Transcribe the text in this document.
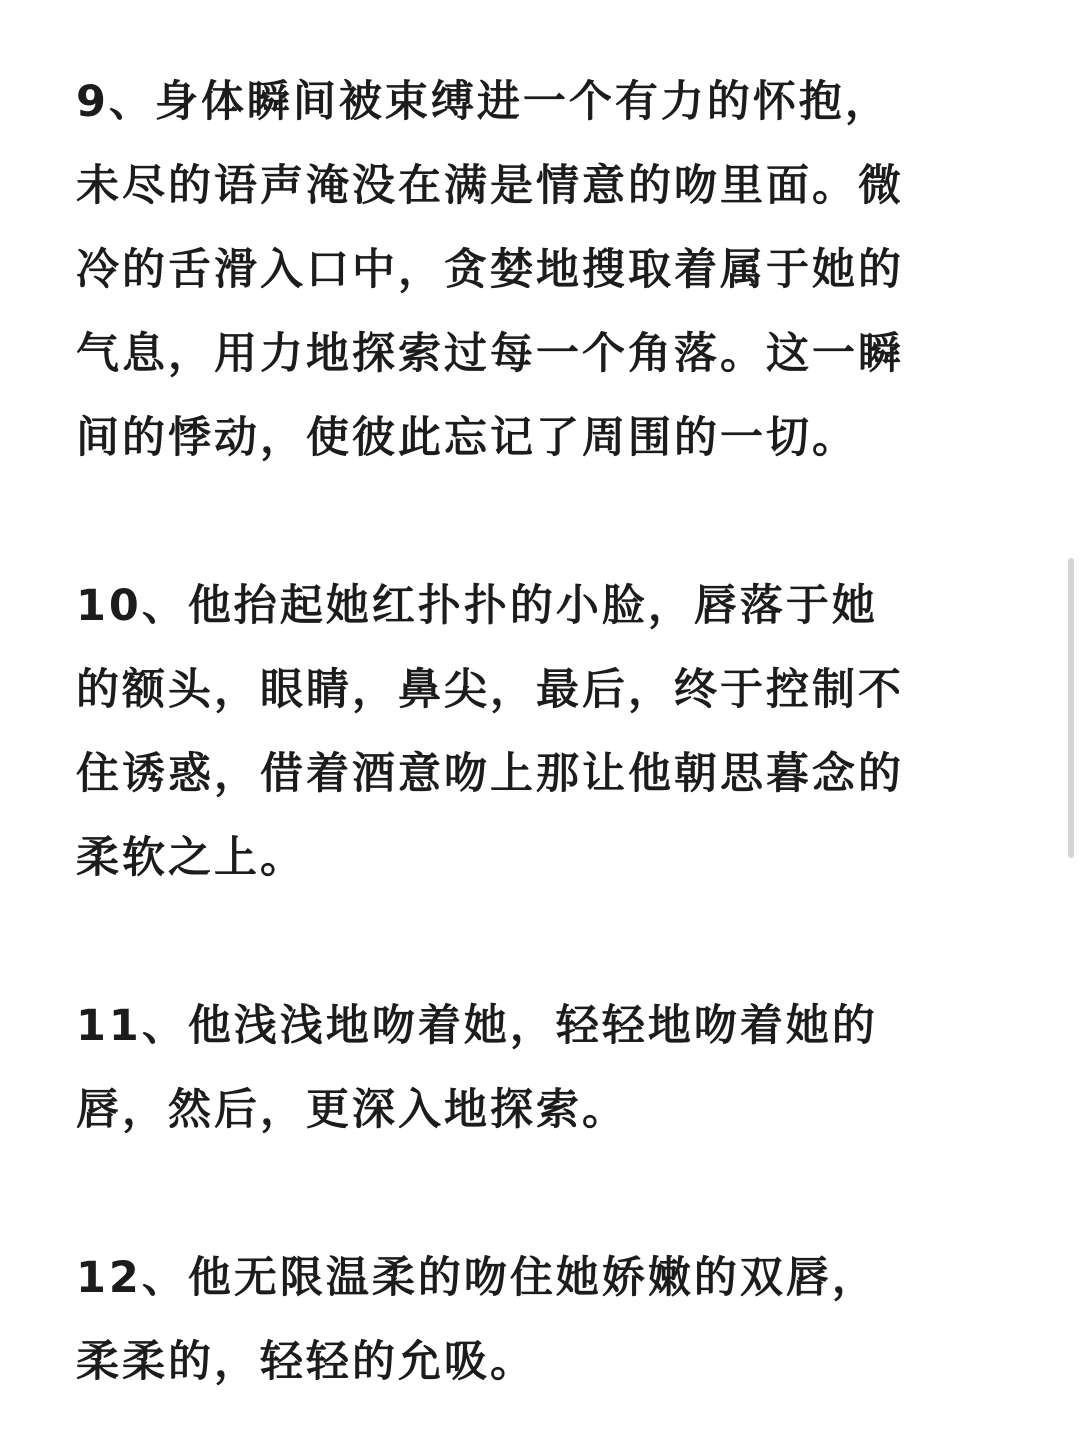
9、身体瞬间被束缚进一个有力的怀抱，
未尽的语声淹没在满是情意的吻里面。微
冷的舌滑入口中，贪婪地搜取着属于她的
气息，用力地探索过每一个角落。这一瞬
间的悸动，使彼此忘记了周围的一切。

10、他抬起她红扑扑的小脸，唇落于她
的额头，眼睛，鼻尖，最后，终于控制不
住诱惑，借着酒意吻上那让他朝思暮念的
柔软之上。

11、他浅浅地吻着她，轻轻地吻着她的
唇，然后，更深入地探索。

12、他无限温柔的吻住她娇嫩的双唇，
柔柔的，轻轻的允吸。
